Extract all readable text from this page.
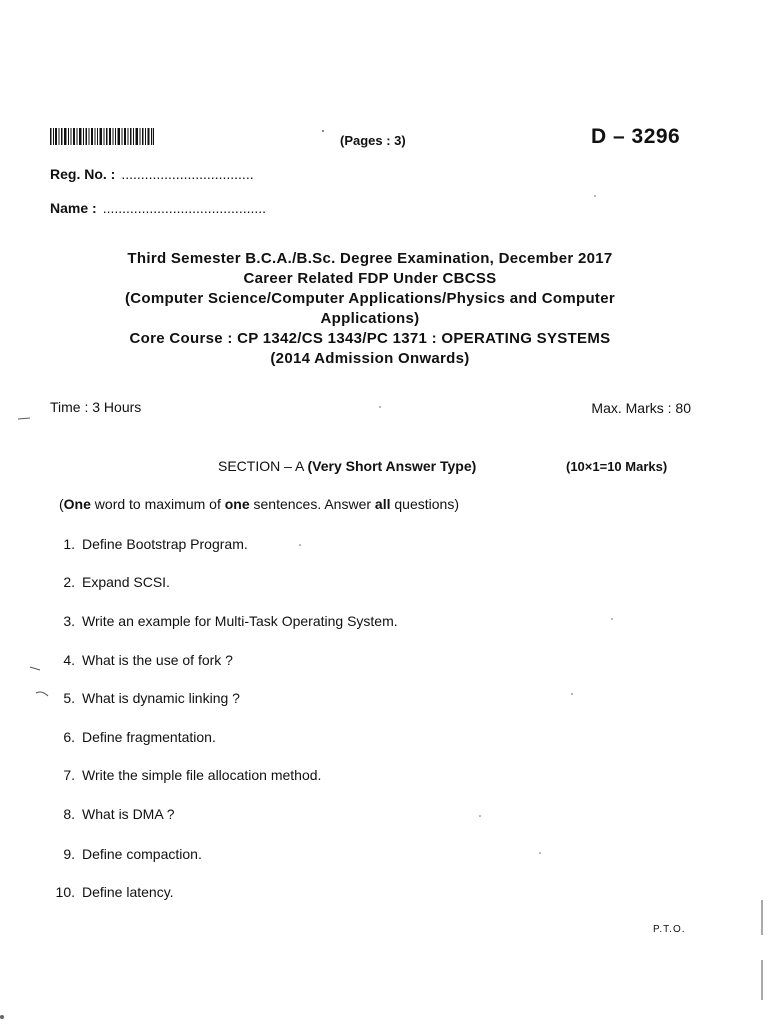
(Pages : 3)	D – 3296
Reg. No. : ..................................
Name : ..........................................
Third Semester B.C.A./B.Sc. Degree Examination, December 2017
Career Related FDP Under CBCSS
(Computer Science/Computer Applications/Physics and Computer
Applications)
Core Course : CP 1342/CS 1343/PC 1371 : OPERATING SYSTEMS
(2014 Admission Onwards)
Time : 3 Hours	Max. Marks : 80
SECTION – A (Very Short Answer Type)	(10×1=10 Marks)
(One word to maximum of one sentences. Answer all questions)
1. Define Bootstrap Program.
2. Expand SCSI.
3. Write an example for Multi-Task Operating System.
4. What is the use of fork ?
5. What is dynamic linking ?
6. Define fragmentation.
7. Write the simple file allocation method.
8. What is DMA ?
9. Define compaction.
10. Define latency.
P.T.O.
